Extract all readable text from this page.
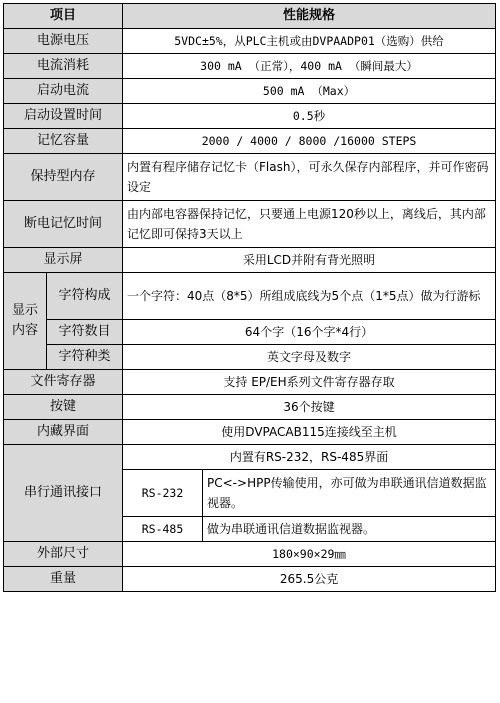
项目		性能规格	
电源电压		5VDC±5%，从PLC主机或由DVPAADP01（选购）供给	
电流消耗		300 mA （正常），400 mA （瞬间最大）	
启动电流		500 mA （Max）	
启动设置时间		0.5秒	
记忆容量		2000 / 4000 / 8000 /16000 STEPS	
保持型内存		内置有程序储存记忆卡（Flash），可永久保存内部程序，并可作密码设定	
断电记忆时间		由内部电容器保持记忆，只要通上电源120秒以上，离线后，其内部记忆即可保持3天以上	
显示屏		采用LCD并附有背光照明	
显示内容	字符构成	一个字符：40点（8*5）所组成底线为5个点（1*5点）做为行游标	
	字符数目	64个字（16个字*4行）	
	字符种类	英文字母及数字	
文件寄存器		支持 EP/EH系列文件寄存器存取	
按键		36个按键	
内藏界面		使用DVPACAB115连接线至主机	
串行通讯接口		内置有RS-232，RS-485界面	
		RS-232	PC<->HPP传输使用，亦可做为串联通讯信道数据监视器。
		RS-485	做为串联通讯信道数据监视器。
外部尺寸		180×90×29㎜	
重量		265.5公克	
